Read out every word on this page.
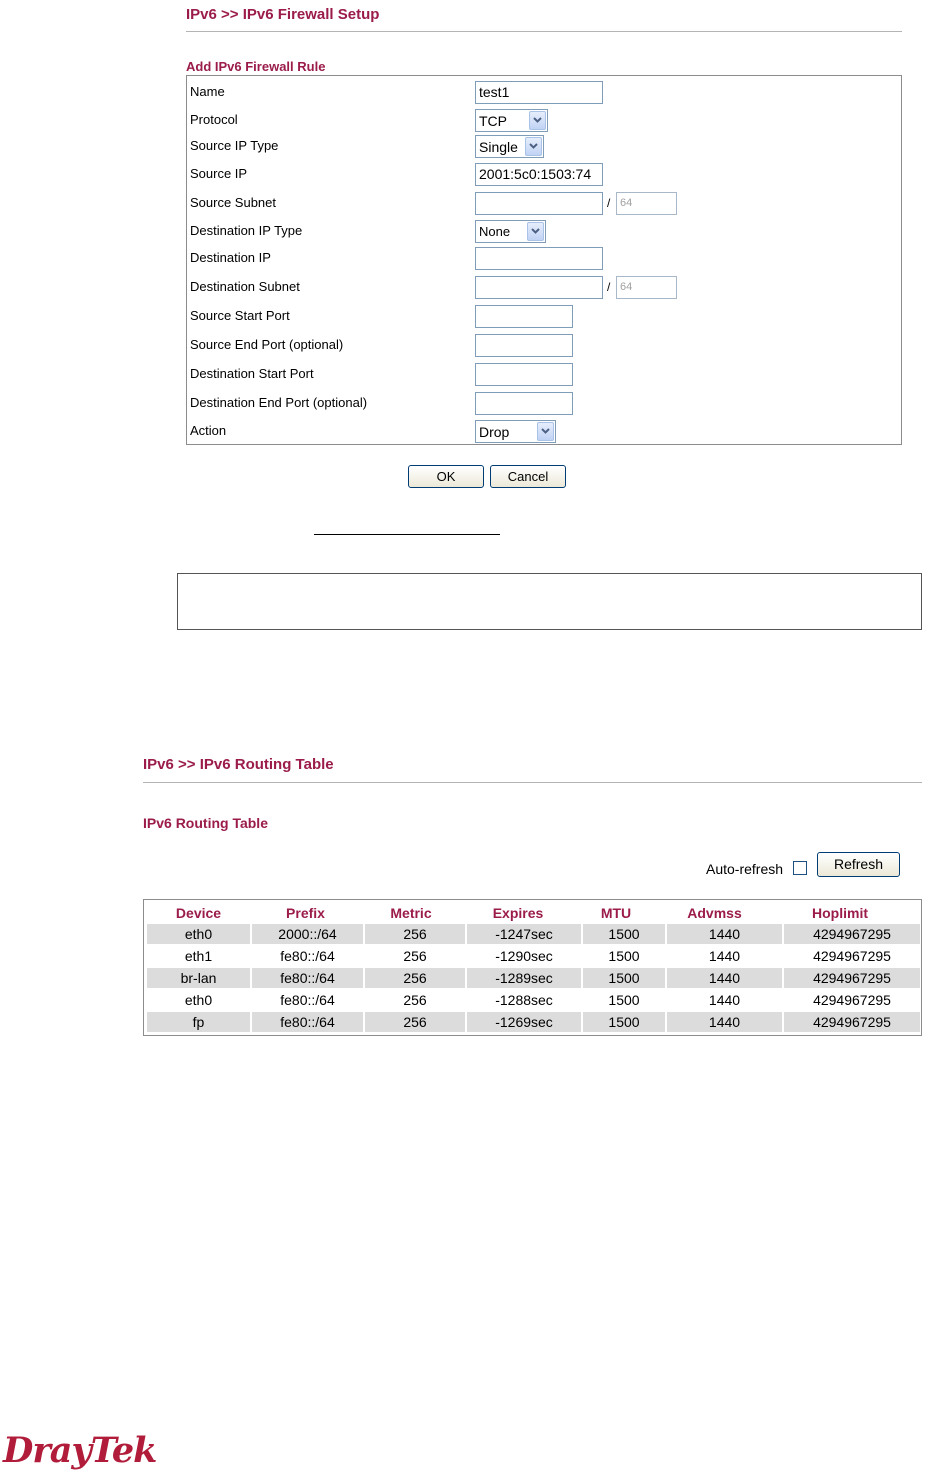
IPv6 >> IPv6 Firewall Setup
Add IPv6 Firewall Rule
Name	test1
Protocol	TCP
Source IP Type	Single
Source IP	2001:5c0:1503:74
Source Subnet	/ 64
Destination IP Type	None
Destination IP
Destination Subnet	/ 64
Source Start Port
Source End Port (optional)
Destination Start Port
Destination End Port (optional)
Action	Drop
OK	Cancel
IPv6 >> IPv6 Routing Table
IPv6 Routing Table
Auto-refresh	Refresh
Device	Prefix	Metric	Expires	MTU	Advmss	Hoplimit
eth0	2000::/64	256	-1247sec	1500	1440	4294967295
eth1	fe80::/64	256	-1290sec	1500	1440	4294967295
br-lan	fe80::/64	256	-1289sec	1500	1440	4294967295
eth0	fe80::/64	256	-1288sec	1500	1440	4294967295
fp	fe80::/64	256	-1269sec	1500	1440	4294967295
DrayTek
